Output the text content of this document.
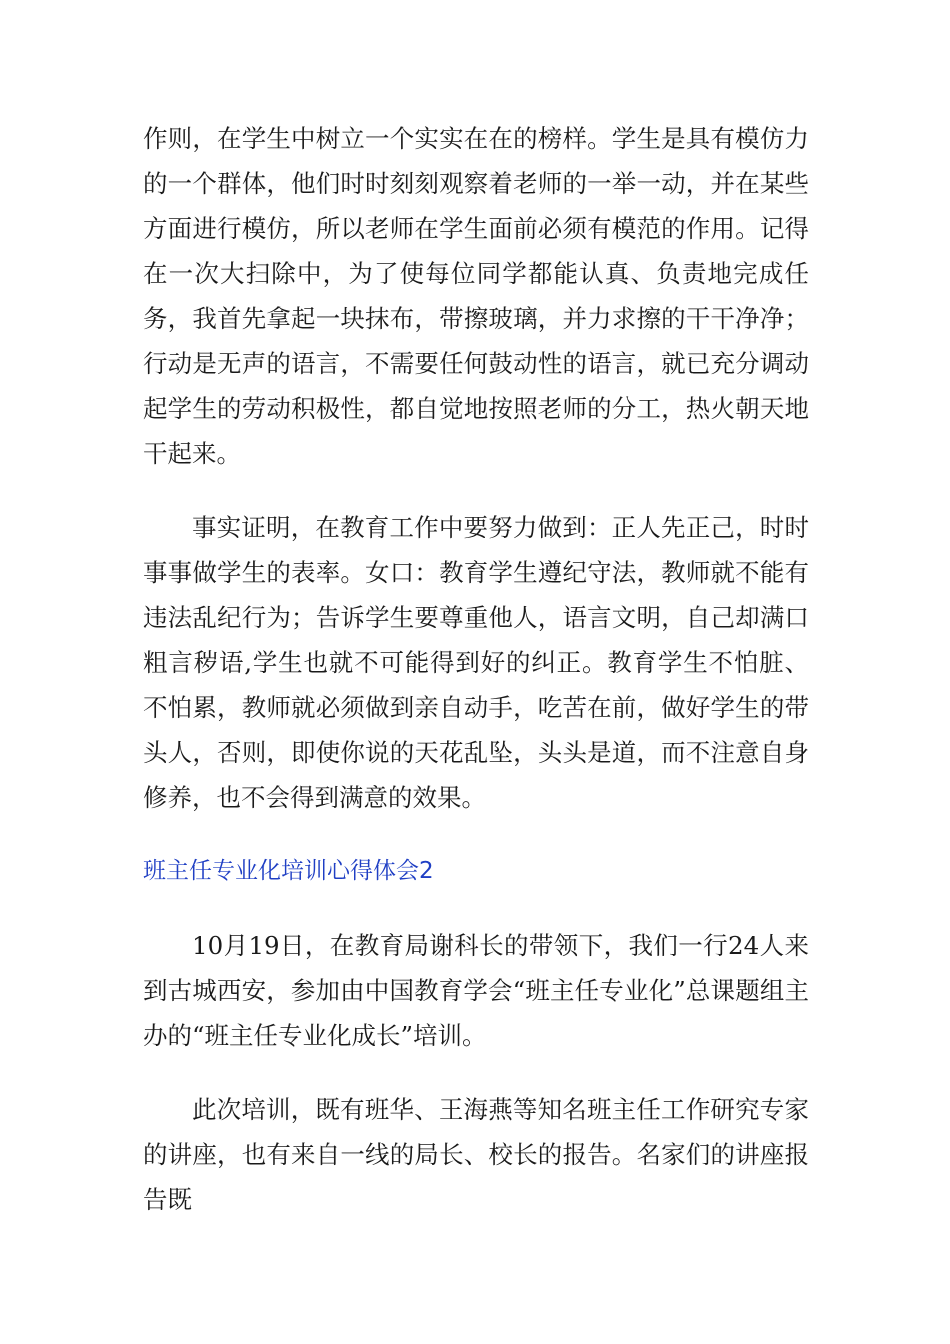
作则，在学生中树立一个实实在在的榜样。学生是具有模仿力的一个群体，他们时时刻刻观察着老师的一举一动，并在某些方面进行模仿，所以老师在学生面前必须有模范的作用。记得在一次大扫除中，为了使每位同学都能认真、负责地完成任务，我首先拿起一块抹布，带擦玻璃，并力求擦的干干净净；行动是无声的语言，不需要任何鼓动性的语言，就已充分调动起学生的劳动积极性，都自觉地按照老师的分工，热火朝天地干起来。

事实证明，在教育工作中要努力做到：正人先正己，时时事事做学生的表率。女口：教育学生遵纪守法，教师就不能有违法乱纪行为；告诉学生要尊重他人，语言文明，自己却满口粗言秽语,学生也就不可能得到好的纠正。教育学生不怕脏、不怕累，教师就必须做到亲自动手，吃苦在前，做好学生的带头人，否则，即使你说的天花乱坠，头头是道，而不注意自身修养，也不会得到满意的效果。

班主任专业化培训心得体会2

10月19日，在教育局谢科长的带领下，我们一行24人来到古城西安，参加由中国教育学会“班主任专业化”总课题组主办的“班主任专业化成长”培训。

此次培训，既有班华、王海燕等知名班主任工作研究专家的讲座，也有来自一线的局长、校长的报告。名家们的讲座报告既
